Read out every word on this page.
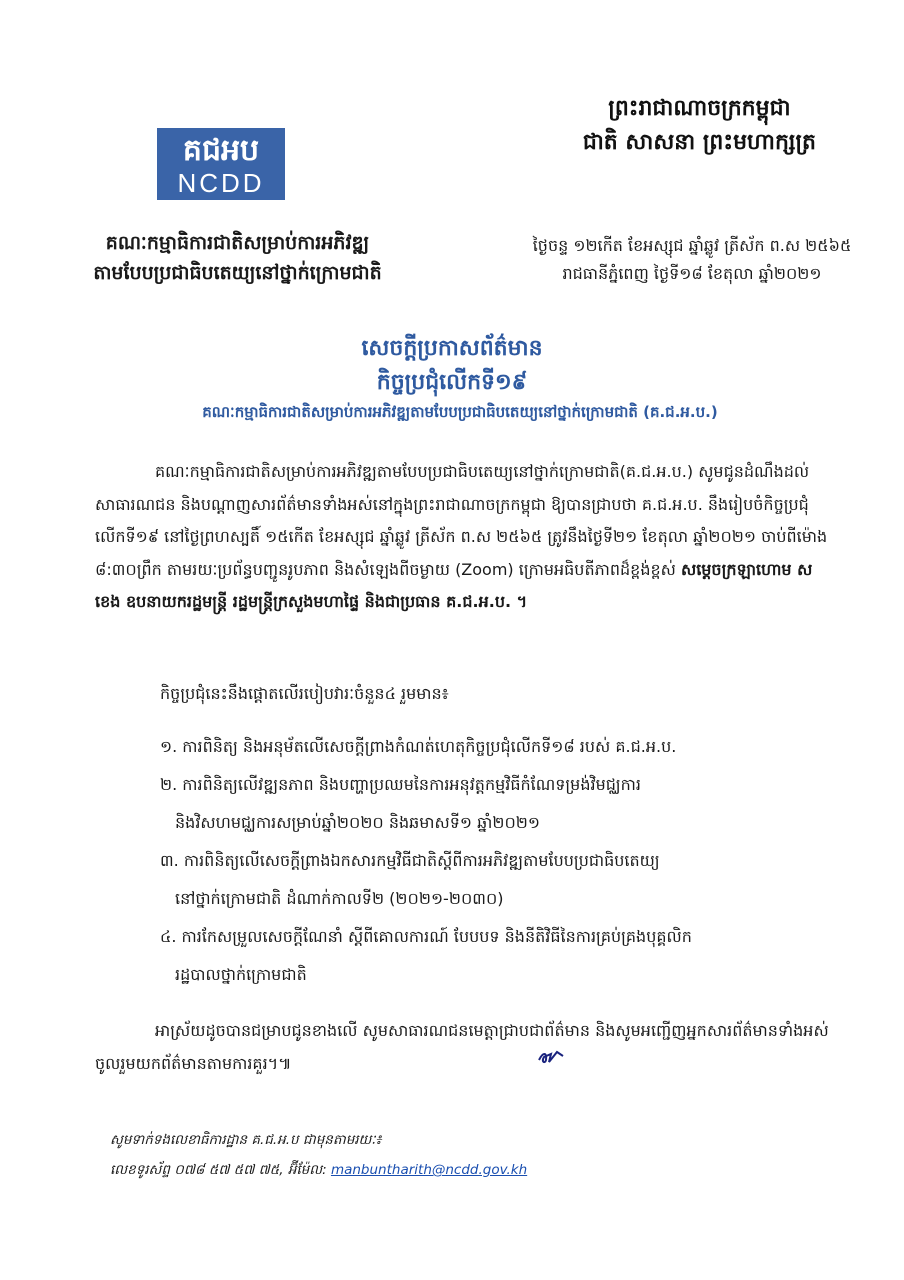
គជអប
NCDD
ព្រះរាជាណាចក្រកម្ពុជា
ជាតិ សាសនា ព្រះមហាក្សត្រ
គណៈកម្មាធិការជាតិសម្រាប់ការអភិវឌ្ឍ
តាមបែបប្រជាធិបតេយ្យនៅថ្នាក់ក្រោមជាតិ
ថ្ងៃចន្ទ ១២កើត ខែអស្សុជ ឆ្នាំឆ្លូវ ត្រីស័ក ព.ស ២៥៦៥
រាជធានីភ្នំពេញ ថ្ងៃទី១៨ ខែតុលា ឆ្នាំ២០២១
សេចក្តីប្រកាសព័ត៌មាន
កិច្ចប្រជុំលើកទី១៩
គណៈកម្មាធិការជាតិសម្រាប់ការអភិវឌ្ឍតាមបែបប្រជាធិបតេយ្យនៅថ្នាក់ក្រោមជាតិ (គ.ជ.អ.ប.)
គណៈកម្មាធិការជាតិសម្រាប់ការអភិវឌ្ឍតាមបែបប្រជាធិបតេយ្យនៅថ្នាក់ក្រោមជាតិ(គ.ជ.អ.ប.) សូមជូនដំណឹងដល់សាធារណជន និងបណ្តាញសារព័ត៌មានទាំងអស់នៅក្នុងព្រះរាជាណាចក្រកម្ពុជា ឱ្យបានជ្រាបថា គ.ជ.អ.ប. នឹងរៀបចំកិច្ចប្រជុំលើកទី១៩ នៅថ្ងៃព្រហស្បតិ៍ ១៥កើត ខែអស្សុជ ឆ្នាំឆ្លូវ ត្រីស័ក ព.ស ២៥៦៥ ត្រូវនឹងថ្ងៃទី២១ ខែតុលា ឆ្នាំ២០២១ ចាប់ពីម៉ោង ៨:៣០ព្រឹក តាមរយៈប្រព័ន្ធបញ្ជូនរូបភាព និងសំឡេងពីចម្ងាយ (Zoom) ក្រោមអធិបតីភាពដ៏ខ្ពង់ខ្ពស់ សម្តេចក្រឡាហោម ស ខេង ឧបនាយករដ្ឋមន្ត្រី រដ្ឋមន្ត្រីក្រសួងមហាផ្ទៃ និងជាប្រធាន គ.ជ.អ.ប. ។
កិច្ចប្រជុំនេះនឹងផ្តោតលើរបៀបវារៈចំនួន៤ រួមមាន៖
១. ការពិនិត្យ និងអនុម័តលើសេចក្តីព្រាងកំណត់ហេតុកិច្ចប្រជុំលើកទី១៨ របស់ គ.ជ.អ.ប.
២. ការពិនិត្យលើវឌ្ឍនភាព និងបញ្ហាប្រឈមនៃការអនុវត្តកម្មវិធីកំណែទម្រង់វិមជ្ឈការ
និងវិសហមជ្ឈការសម្រាប់ឆ្នាំ២០២០ និងឆមាសទី១ ឆ្នាំ២០២១
៣. ការពិនិត្យលើសេចក្តីព្រាងឯកសារកម្មវិធីជាតិស្តីពីការអភិវឌ្ឍតាមបែបប្រជាធិបតេយ្យ
នៅថ្នាក់ក្រោមជាតិ ដំណាក់កាលទី២ (២០២១-២០៣០)
៤. ការកែសម្រួលសេចក្តីណែនាំ ស្តីពីគោលការណ៍ បែបបទ និងនីតិវិធីនៃការគ្រប់គ្រងបុគ្គលិក
រដ្ឋបាលថ្នាក់ក្រោមជាតិ
អាស្រ័យដូចបានជម្រាបជូនខាងលើ សូមសាធារណជនមេត្តាជ្រាបជាព័ត៌មាន និងសូមអញ្ជើញអ្នកសារព័ត៌មានទាំងអស់ចូលរួមយកព័ត៌មានតាមការគួរ។៕
សូមទាក់ទងលេខាធិការដ្ឋាន គ.ជ.អ.ប ជាមុនតាមរយៈ៖
លេខទូរស័ព្ទ ០៧៨ ៥៧ ៥៧ ៧៥, អ៊ីម៉ែល: manbuntharith@ncdd.gov.kh
